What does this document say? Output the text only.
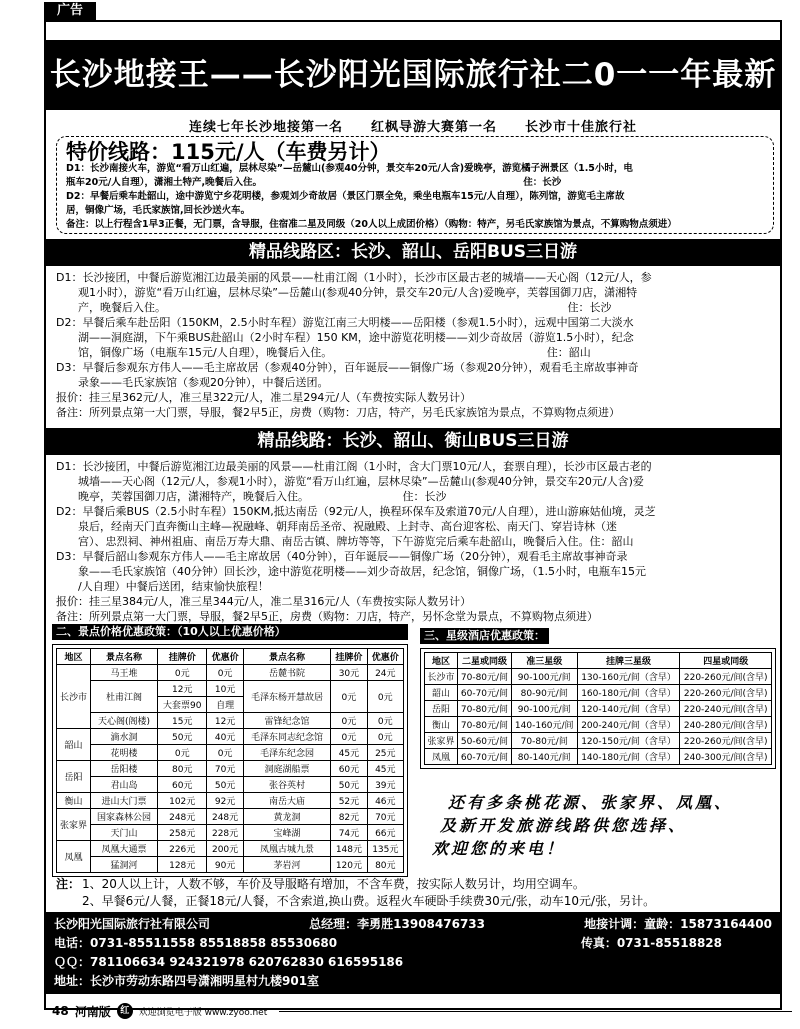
广告
长沙地接王——长沙阳光国际旅行社二0一一年最新报价
连续七年长沙地接第一名　　红枫导游大赛第一名　　长沙市十佳旅行社
特价线路：115元/人（车费另计）
D1：长沙南接火车，游览“看万山红遍，层林尽染”—岳麓山(参观40分钟，景交车20元/人含)爱晚亭，游览橘子洲景区（1.5小时，电
瓶车20元/人自理），潇湘土特产,晚餐后入住。　　　　　　　　　　　　　　　　　　　　　　　　　　　　住：长沙
D2：早餐后乘车赴韶山，途中游览宁乡花明楼，参观刘少奇故居（景区门票全免，乘坐电瓶车15元/人自理），陈列馆，游览毛主席故
居，铜像广场，毛氏家族馆,回长沙送火车。
备注：以上行程含1早3正餐，无门票，含导服，住宿准二星及同级（20人以上成团价格）（购物：特产，另毛氏家族馆为景点，不算购物点须进）
精品线路区：长沙、韶山、岳阳BUS三日游
D1：长沙接团，中餐后游览湘江边最美丽的风景——杜甫江阁（1小时），长沙市区最古老的城墙——天心阁（12元/人，参
　　观1小时），游览“看万山红遍，层林尽染”—岳麓山(参观40分钟，景交车20元/人含)爱晚亭，芙蓉国御刀店，潇湘特
　　产，晚餐后入住。　　　　　　　　　　　　　　　　　　　　　　　　　　　　　　　　　　　　　住：长沙
D2：早餐后乘车赴岳阳（150KM，2.5小时车程）游览江南三大明楼——岳阳楼（参观1.5小时），远观中国第二大淡水
　　湖——洞庭湖，下午乘BUS赴韶山（2小时车程）150 KM，途中游览花明楼——刘少奇故居（游览1.5小时），纪念
　　馆，铜像广场（电瓶车15元/人自理），晚餐后入住。　　　　　　　　　　　　　　　　　　　　住：韶山
D3：早餐后参观东方伟人——毛主席故居（参观40分钟），百年诞辰——铜像广场（参观20分钟），观看毛主席故事神奇
　　录象——毛氏家族馆（参观20分钟），中餐后送团。
报价：挂三星362元/人，准三星322元/人，准二星294元/人（车费按实际人数另计）
备注：所列景点第一大门票，导服，餐2早5正，房费（购物：刀店，特产，另毛氏家族馆为景点，不算购物点须进）
精品线路：长沙、韶山、衡山BUS三日游
D1：长沙接团，中餐后游览湘江边最美丽的风景——杜甫江阁（1小时，含大门票10元/人，套票自理），长沙市区最古老的
　　城墙——天心阁（12元/人，参观1小时），游览“看万山红遍，层林尽染”—岳麓山(参观40分钟，景交车20元/人含)爱
　　晚亭，芙蓉国御刀店，潇湘特产，晚餐后入住。　　　　　　　　　住：长沙
D2：早餐后乘BUS（2.5小时车程）150KM,抵达南岳（92元/人，换程环保车及索道70元/人自理），进山游麻姑仙境，灵芝
　　泉后，经南天门直奔衡山主峰—祝融峰、朝拜南岳圣帝、祝融殿、上封寺、高台迎客松、南天门、穿岩诗林（迷
　　宫）、忠烈祠、神州祖庙、南岳万寿大鼎、南岳古镇、牌坊等等，下午游览完后乘车赴韶山，晚餐后入住。住：韶山
D3：早餐后韶山参观东方伟人——毛主席故居（40分钟），百年诞辰——铜像广场（20分钟），观看毛主席故事神奇录
　　象——毛氏家族馆（40分钟）回长沙，途中游览花明楼——刘少奇故居，纪念馆，铜像广场，（1.5小时，电瓶车15元
　　/人自理）中餐后送团，结束愉快旅程！
报价：挂三星384元/人，准三星344元/人，准二星316元/人（车费按实际人数另计）
备注：所列景点第一大门票，导服，餐2早5正，房费（购物：刀店，特产，另怀念堂为景点，不算购物点须进）
二、景点价格优惠政策：（10人以上优惠价格）
地区	景点名称	挂牌价	优惠价	景点名称	挂牌价	优惠价
长沙市	马王堆	0元	0元	岳麓书院	30元	24元
	杜甫江阁	12元	10元	毛泽东杨开慧故居	0元	0元
		大套票90	自理			
	天心阁(阁楼)	15元	12元	雷锋纪念馆	0元	0元
韶山	滴水洞	50元	40元	毛泽东同志纪念馆	0元	0元
	花明楼	0元	0元	毛泽东纪念园	45元	25元
岳阳	岳阳楼	80元	70元	洞庭湖船票	60元	45元
	君山岛	60元	50元	张谷英村	50元	39元
衡山	进山大门票	102元	92元	南岳大庙	52元	46元
张家界	国家森林公园	248元	248元	黄龙洞	82元	70元
	天门山	258元	228元	宝峰湖	74元	66元
凤凰	凤凰大通票	226元	200元	凤凰古城九景	148元	135元
	猛洞河	128元	90元	茅岩河	120元	80元
三、星级酒店优惠政策：
地区	二星或同级	准三星级	挂牌三星级	四星或同级
长沙市	70-80元/间	90-100元/间	130-160元/间（含早）	220-260元/间(含早)
韶山	60-70元/间	80-90元/间	160-180元/间（含早）	220-260元/间(含早)
岳阳	70-80元/间	90-100元/间	120-140元/间（含早）	220-240元/间(含早)
衡山	70-80元/间	140-160元/间	200-240元/间（含早）	240-280元/间(含早)
张家界	50-60元/间	70-80元/间	120-150元/间（含早）	220-260元/间(含早)
凤凰	60-70元/间	80-140元/间	140-180元/间（含早）	240-300元/间(含早)
还有多条桃花源、张家界、凤凰、
及新开发旅游线路供您选择、
欢迎您的来电！
注： 1、20人以上计，人数不够，车价及导服略有增加，不含车费，按实际人数另计，均用空调车。
2、早餐6元/人餐，正餐18元/人餐，不含索道,换山费。返程火车硬卧手续费30元/张，动车10元/张，另计。
长沙阳光国际旅行社有限公司	总经理：李勇胜13908476733	地接计调：童龄：15873164400
电话：0731-85511558 85518858 85530680	传真：0731-85518828
ＱＱ：781106634 924321978 620762830 616595186
地址：长沙市劳动东路四号潇湘明星村九楼901室
48 河南版	红	欢迎浏览电子版 www.zyoo.net
